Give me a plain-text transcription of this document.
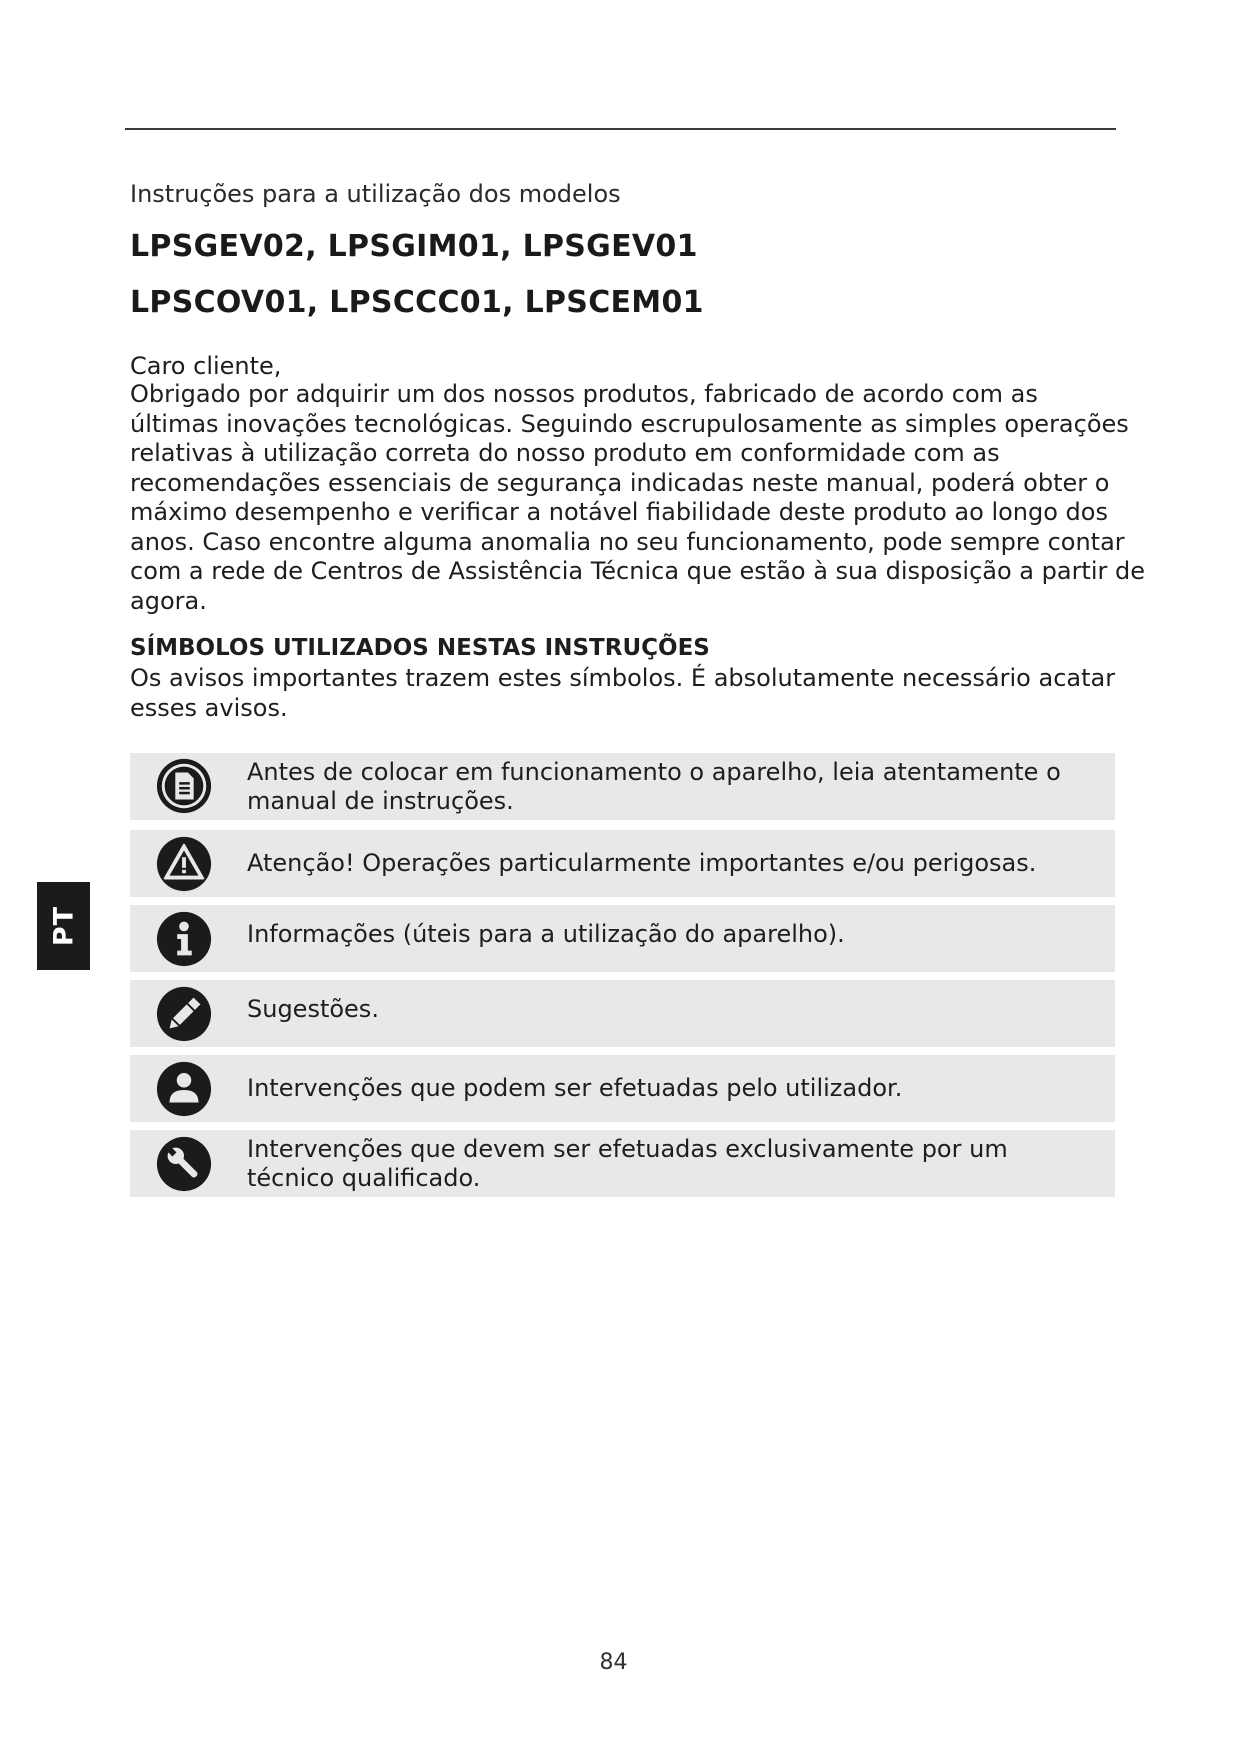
Instruções para a utilização dos modelos
LPSGEV02, LPSGIM01, LPSGEV01
LPSCOV01, LPSCCC01, LPSCEM01
Caro cliente,
Obrigado por adquirir um dos nossos produtos, fabricado de acordo com as
últimas inovações tecnológicas. Seguindo escrupulosamente as simples operações
relativas à utilização correta do nosso produto em conformidade com as
recomendações essenciais de segurança indicadas neste manual, poderá obter o
máximo desempenho e verificar a notável fiabilidade deste produto ao longo dos
anos. Caso encontre alguma anomalia no seu funcionamento, pode sempre contar
com a rede de Centros de Assistência Técnica que estão à sua disposição a partir de
agora.
SÍMBOLOS UTILIZADOS NESTAS INSTRUÇÕES
Os avisos importantes trazem estes símbolos. É absolutamente necessário acatar
esses avisos.
Antes de colocar em funcionamento o aparelho, leia atentamente o
manual de instruções.
Atenção! Operações particularmente importantes e/ou perigosas.
Informações (úteis para a utilização do aparelho).
Sugestões.
Intervenções que podem ser efetuadas pelo utilizador.
Intervenções que devem ser efetuadas exclusivamente por um
técnico qualificado.
PT
84
